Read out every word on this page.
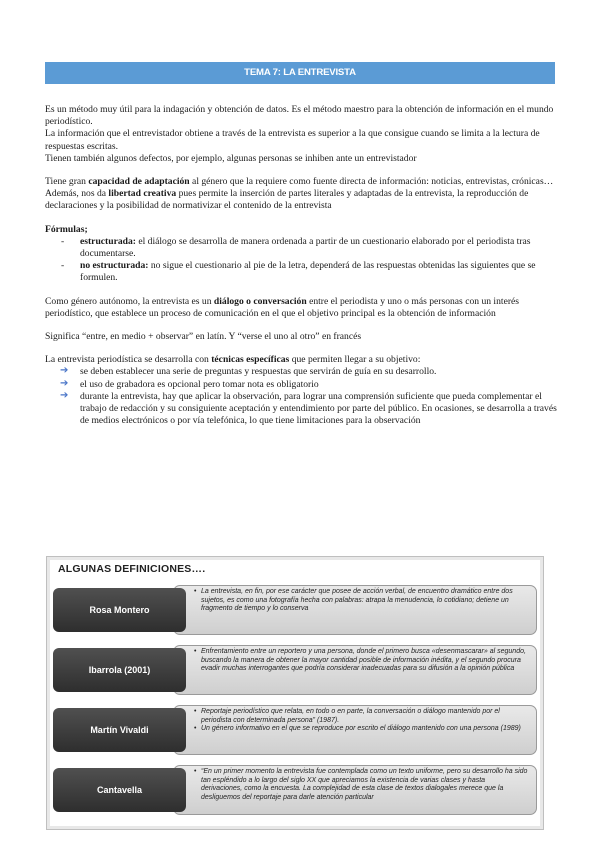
TEMA 7: LA ENTREVISTA

Es un método muy útil para la indagación y obtención de datos. Es el método maestro para la obtención de información en el mundo periodístico.

La información que el entrevistador obtiene a través de la entrevista es superior a la que consigue cuando se limita a la lectura de respuestas escritas.

Tienen también algunos defectos, por ejemplo, algunas personas se inhiben ante un entrevistador

Tiene gran capacidad de adaptación al género que la requiere como fuente directa de información: noticias, entrevistas, crónicas… Además, nos da libertad creativa pues permite la inserción de partes literales y adaptadas de la entrevista, la reproducción de declaraciones y la posibilidad de normativizar el contenido de la entrevista

Fórmulas;

- estructurada: el diálogo se desarrolla de manera ordenada a partir de un cuestionario elaborado por el periodista tras documentarse.
- no estructurada: no sigue el cuestionario al pie de la letra, dependerá de las respuestas obtenidas las siguientes que se formulen.

Como género autónomo, la entrevista es un diálogo o conversación entre el periodista y uno o más personas con un interés periodístico, que establece un proceso de comunicación en el que el objetivo principal es la obtención de información

Significa “entre, en medio + observar” en latín. Y “verse el uno al otro” en francés

La entrevista periodística se desarrolla con técnicas específicas que permiten llegar a su objetivo:

➔ se deben establecer una serie de preguntas y respuestas que servirán de guía en su desarrollo.
➔ el uso de grabadora es opcional pero tomar nota es obligatorio
➔ durante la entrevista, hay que aplicar la observación, para lograr una comprensión suficiente que pueda complementar el trabajo de redacción y su consiguiente aceptación y entendimiento por parte del público. En ocasiones, se desarrolla a través de medios electrónicos o por vía telefónica, lo que tiene limitaciones para la observación
ALGUNAS DEFINICIONES….
Rosa Montero
• La entrevista, en fin, por ese carácter que posee de acción verbal, de encuentro dramático entre dos sujetos, es como una fotografía hecha con palabras: atrapa la menudencia, lo cotidiano; detiene un fragmento de tiempo y lo conserva
Ibarrola (2001)
• Enfrentamiento entre un reportero y una persona, donde el primero busca «desenmascarar» al segundo, buscando la manera de obtener la mayor cantidad posible de información inédita, y el segundo procura evadir muchas interrogantes que podría considerar inadecuadas para su difusión a la opinión pública
Martín Vivaldi
• Reportaje periodístico que relata, en todo o en parte, la conversación o diálogo mantenido por el periodista con determinada persona” (1987).
• Un género informativo en el que se reproduce por escrito el diálogo mantenido con una persona (1989)
Cantavella
• “En un primer momento la entrevista fue contemplada como un texto uniforme, pero su desarrollo ha sido tan espléndido a lo largo del siglo XX que apreciamos la existencia de varias clases y hasta derivaciones, como la encuesta. La complejidad de esta clase de textos dialogales merece que la desliguemos del reportaje para darle atención particular
